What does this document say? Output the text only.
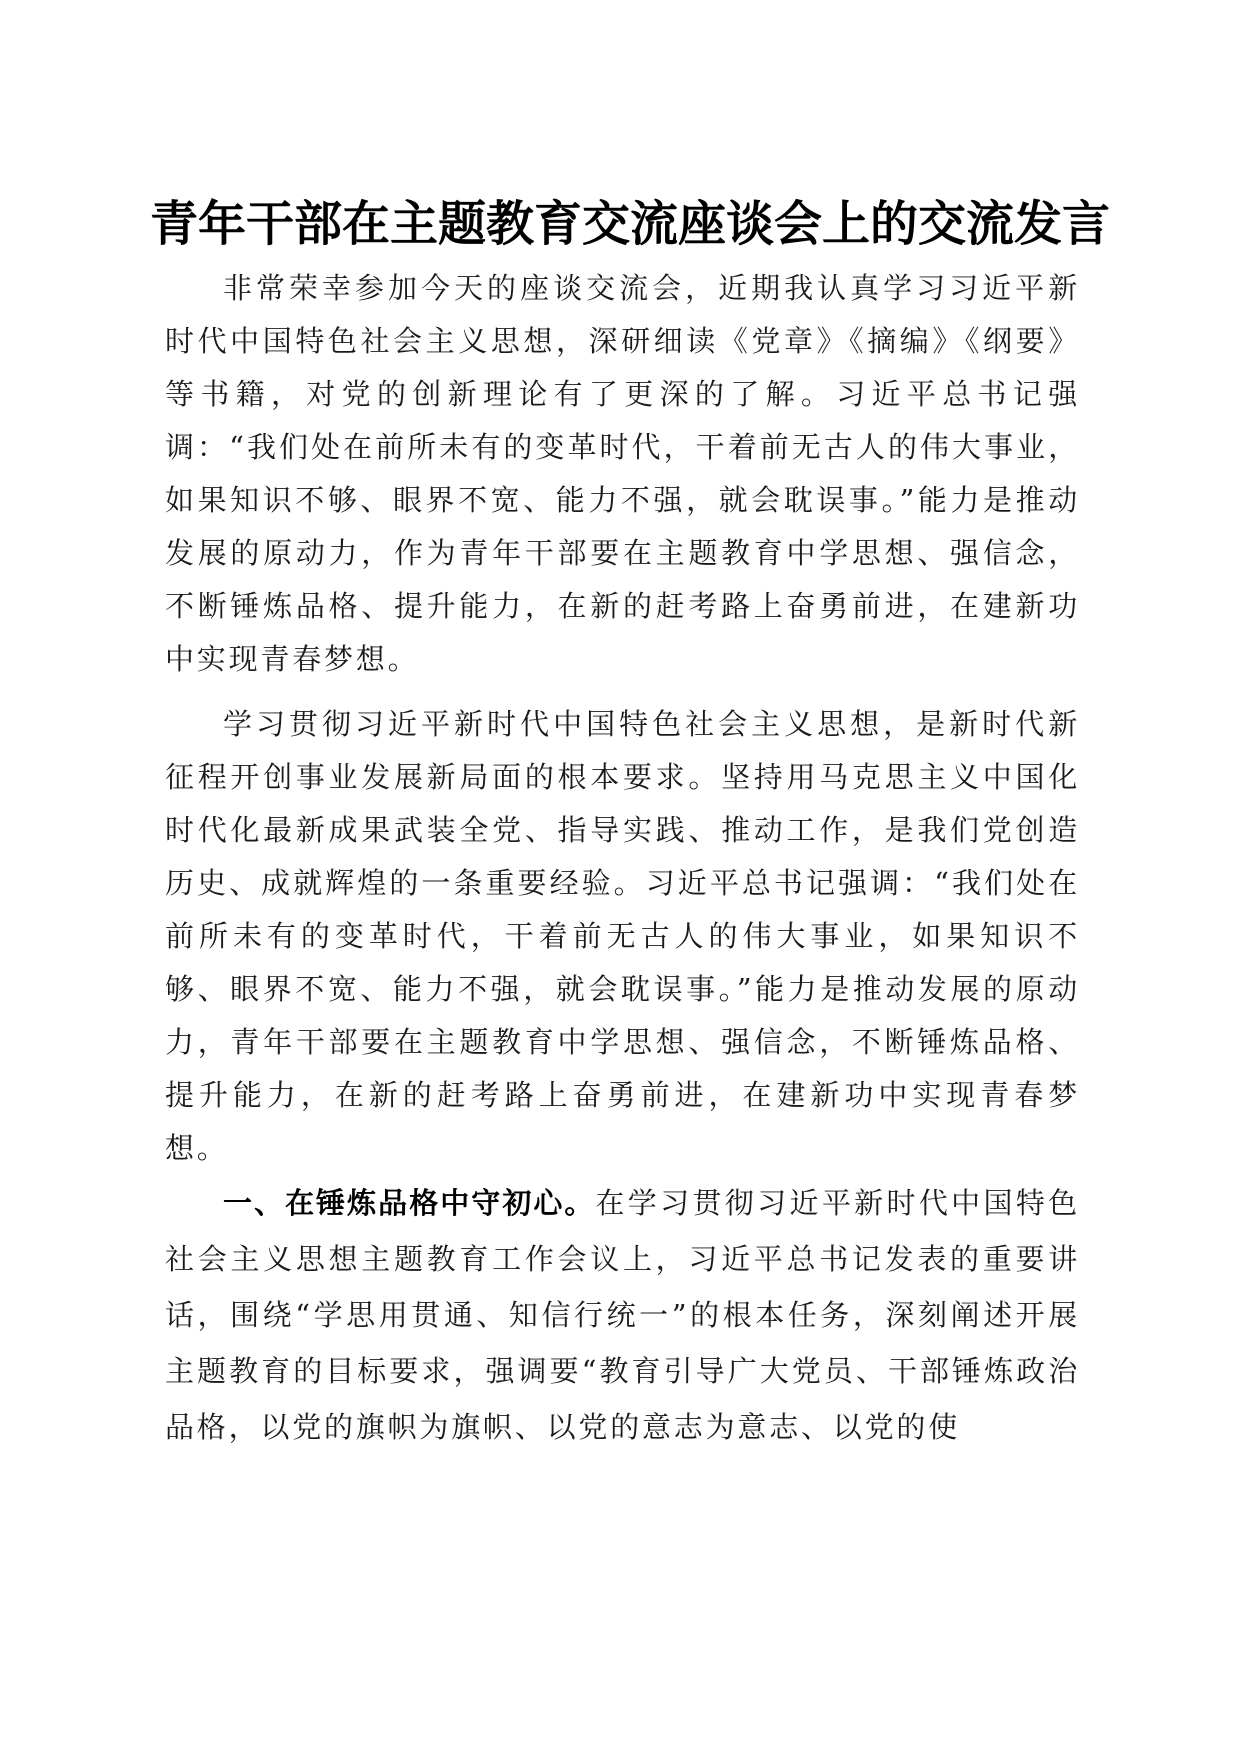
青年干部在主题教育交流座谈会上的交流发言

非常荣幸参加今天的座谈交流会，近期我认真学习习近平新时代中国特色社会主义思想，深研细读《党章》《摘编》《纲要》等书籍，对党的创新理论有了更深的了解。习近平总书记强调：“我们处在前所未有的变革时代，干着前无古人的伟大事业，如果知识不够、眼界不宽、能力不强，就会耽误事。”能力是推动发展的原动力，作为青年干部要在主题教育中学思想、强信念，不断锤炼品格、提升能力，在新的赶考路上奋勇前进，在建新功中实现青春梦想。

学习贯彻习近平新时代中国特色社会主义思想，是新时代新征程开创事业发展新局面的根本要求。坚持用马克思主义中国化时代化最新成果武装全党、指导实践、推动工作，是我们党创造历史、成就辉煌的一条重要经验。习近平总书记强调：“我们处在前所未有的变革时代，干着前无古人的伟大事业，如果知识不够、眼界不宽、能力不强，就会耽误事。”能力是推动发展的原动力，青年干部要在主题教育中学思想、强信念，不断锤炼品格、提升能力，在新的赶考路上奋勇前进，在建新功中实现青春梦想。

一、在锤炼品格中守初心。在学习贯彻习近平新时代中国特色社会主义思想主题教育工作会议上，习近平总书记发表的重要讲话，围绕“学思用贯通、知信行统一”的根本任务，深刻阐述开展主题教育的目标要求，强调要“教育引导广大党员、干部锤炼政治品格，以党的旗帜为旗帜、以党的意志为意志、以党的使
